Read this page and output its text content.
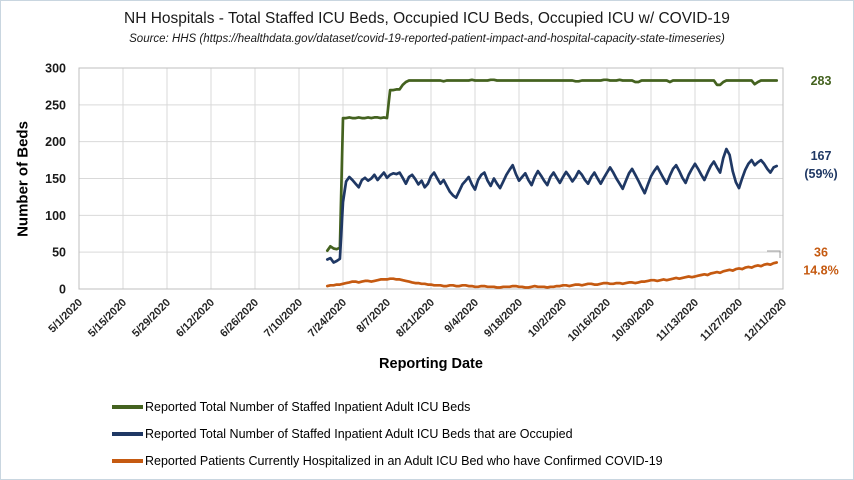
NH Hospitals - Total Staffed ICU Beds, Occupied ICU Beds, Occupied ICU w/ COVID-19
Source: HHS (https://healthdata.gov/dataset/covid-19-reported-patient-impact-and-hospital-capacity-state-timeseries)
Number of Beds
Reporting Date
0
50
100
150
200
250
300
5/1/2020 5/15/2020 5/29/2020 6/12/2020 6/26/2020 7/10/2020 7/24/2020 8/7/2020 8/21/2020 9/4/2020 9/18/2020 10/2/2020
10/16/2020
10/30/2020
11/13/2020
11/27/2020
12/11/2020
283
167
(59%)
36
14.8%
Reported Total Number of Staffed Inpatient Adult ICU Beds
Reported Total Number of Staffed Inpatient Adult ICU Beds that are Occupied
Reported Patients Currently Hospitalized in an Adult ICU Bed who have Confirmed COVID-19
